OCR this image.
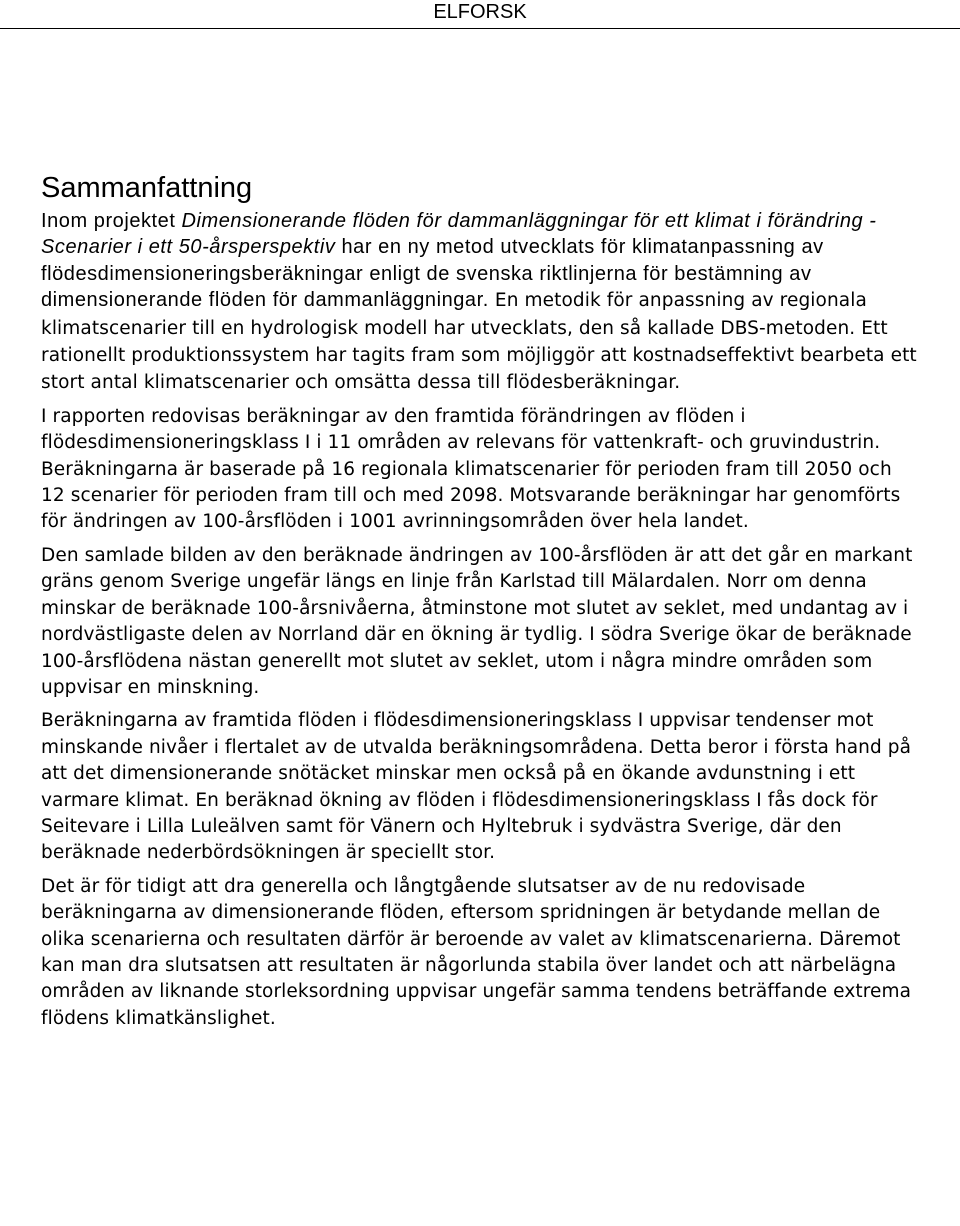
ELFORSK
Sammanfattning

Inom projektet Dimensionerande flöden för dammanläggningar för ett klimat i förändring - Scenarier i ett 50-årsperspektiv har en ny metod utvecklats för klimatanpassning av flödesdimensioneringsberäkningar enligt de svenska riktlinjerna för bestämning av dimensionerande flöden för dammanläggningar. En metodik för anpassning av regionala klimatscenarier till en hydrologisk modell har utvecklats, den så kallade DBS-metoden. Ett rationellt produktionssystem har tagits fram som möjliggör att kostnadseffektivt bearbeta ett stort antal klimatscenarier och omsätta dessa till flödesberäkningar.

I rapporten redovisas beräkningar av den framtida förändringen av flöden i flödesdimensioneringsklass I i 11 områden av relevans för vattenkraft- och gruvindustrin. Beräkningarna är baserade på 16 regionala klimatscenarier för perioden fram till 2050 och 12 scenarier för perioden fram till och med 2098. Motsvarande beräkningar har genomförts för ändringen av 100-årsflöden i 1001 avrinningsområden över hela landet.

Den samlade bilden av den beräknade ändringen av 100-årsflöden är att det går en markant gräns genom Sverige ungefär längs en linje från Karlstad till Mälardalen. Norr om denna minskar de beräknade 100-årsnivåerna, åtminstone mot slutet av seklet, med undantag av i nordvästligaste delen av Norrland där en ökning är tydlig. I södra Sverige ökar de beräknade 100-årsflödena nästan generellt mot slutet av seklet, utom i några mindre områden som uppvisar en minskning.

Beräkningarna av framtida flöden i flödesdimensioneringsklass I uppvisar tendenser mot minskande nivåer i flertalet av de utvalda beräkningsområdena. Detta beror i första hand på att det dimensionerande snötäcket minskar men också på en ökande avdunstning i ett varmare klimat. En beräknad ökning av flöden i flödesdimensioneringsklass I fås dock för Seitevare i Lilla Luleälven samt för Vänern och Hyltebruk i sydvästra Sverige, där den beräknade nederbördsökningen är speciellt stor.

Det är för tidigt att dra generella och långtgående slutsatser av de nu redovisade beräkningarna av dimensionerande flöden, eftersom spridningen är betydande mellan de olika scenarierna och resultaten därför är beroende av valet av klimatscenarierna. Däremot kan man dra slutsatsen att resultaten är någorlunda stabila över landet och att närbelägna områden av liknande storleksordning uppvisar ungefär samma tendens beträffande extrema flödens klimatkänslighet.
